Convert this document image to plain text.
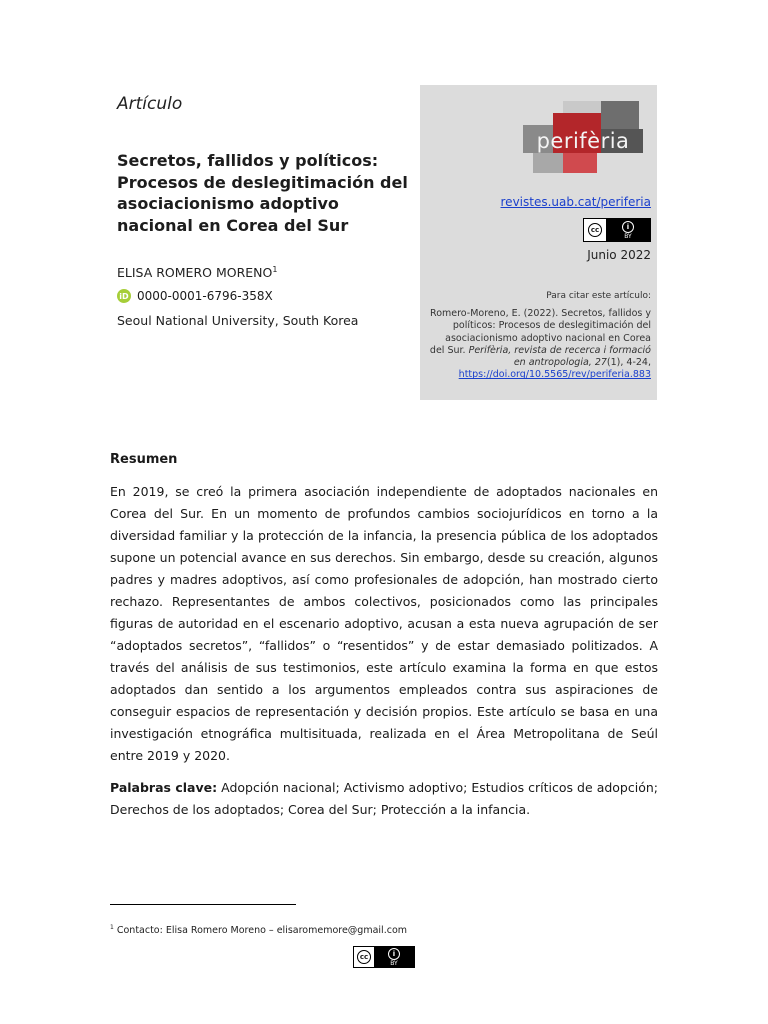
Artículo
Secretos, fallidos y políticos: Procesos de deslegitimación del asociacionismo adoptivo nacional en Corea del Sur
ELISA ROMERO MORENO$^1$
iD 0000-0001-6796-358X
Seoul National University, South Korea
perifèria
revistes.uab.cat/periferia
cc	i
BY
Junio 2022
Para citar este artículo:
Romero-Moreno, E. (2022). Secretos, fallidos y políticos: Procesos de deslegitimación del asociacionismo adoptivo nacional en Corea del Sur. Perifèria, revista de recerca i formació en antropologia, 27(1), 4-24, https://doi.org/10.5565/rev/periferia.883
Resumen
En 2019, se creó la primera asociación independiente de adoptados nacionales en Corea del Sur. En un momento de profundos cambios sociojurídicos en torno a la diversidad familiar y la protección de la infancia, la presencia pública de los adoptados supone un potencial avance en sus derechos. Sin embargo, desde su creación, algunos padres y madres adoptivos, así como profesionales de adopción, han mostrado cierto rechazo. Representantes de ambos colectivos, posicionados como las principales figuras de autoridad en el escenario adoptivo, acusan a esta nueva agrupación de ser “adoptados secretos”, “fallidos” o “resentidos” y de estar demasiado politizados. A través del análisis de sus testimonios, este artículo examina la forma en que estos adoptados dan sentido a los argumentos empleados contra sus aspiraciones de conseguir espacios de representación y decisión propios. Este artículo se basa en una investigación etnográfica multisituada, realizada en el Área Metropolitana de Seúl entre 2019 y 2020.
Palabras clave: Adopción nacional; Activismo adoptivo; Estudios críticos de adopción; Derechos de los adoptados; Corea del Sur; Protección a la infancia.
$^1$ Contacto: Elisa Romero Moreno – elisaromemore@gmail.com
cc	i
BY
